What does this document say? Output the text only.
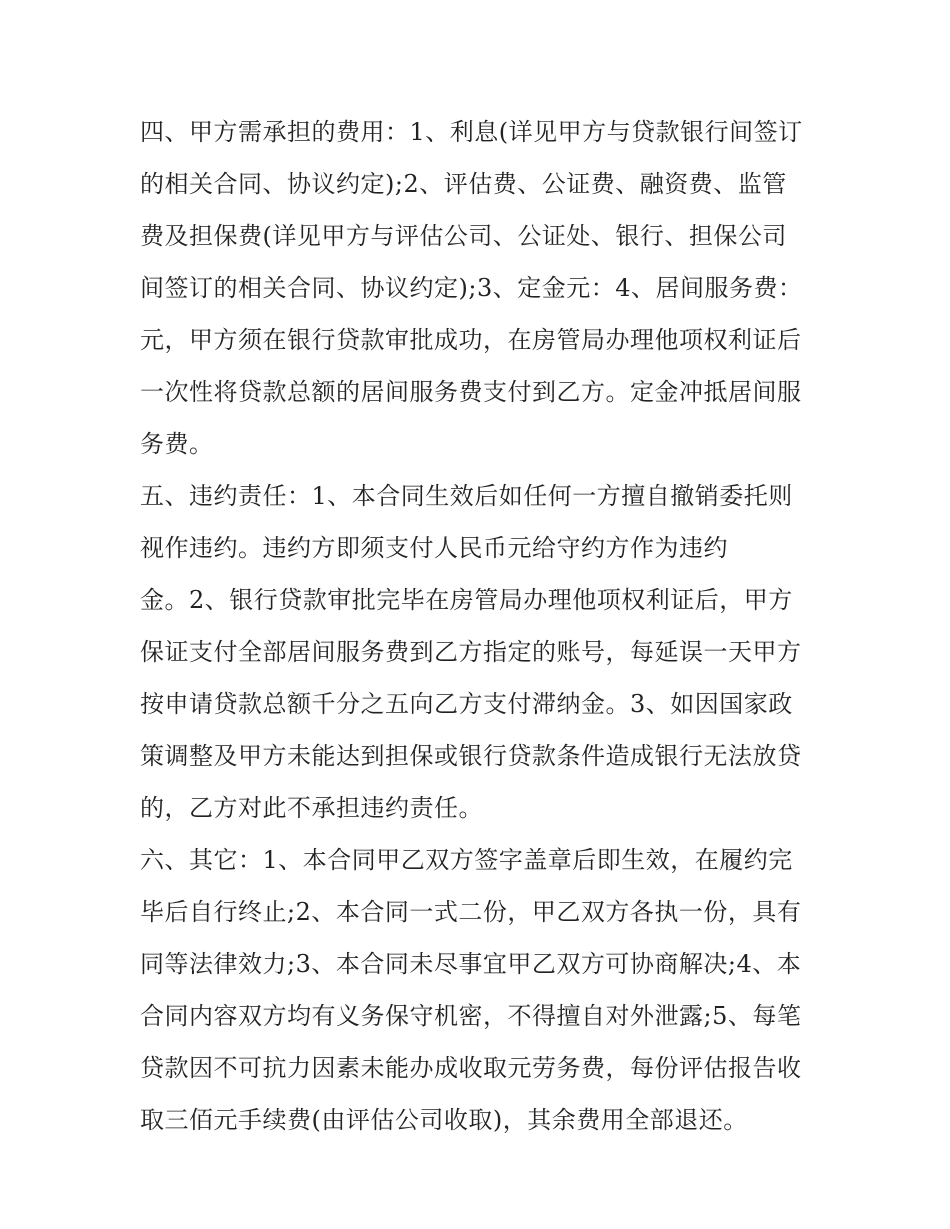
四、甲方需承担的费用：1、利息(详见甲方与贷款银行间签订
的相关合同、协议约定);2、评估费、公证费、融资费、监管
费及担保费(详见甲方与评估公司、公证处、银行、担保公司
间签订的相关合同、协议约定);3、定金元：4、居间服务费：
元，甲方须在银行贷款审批成功，在房管局办理他项权利证后
一次性将贷款总额的居间服务费支付到乙方。定金冲抵居间服
务费。
五、违约责任：1、本合同生效后如任何一方擅自撤销委托则
视作违约。违约方即须支付人民币元给守约方作为违约
金。2、银行贷款审批完毕在房管局办理他项权利证后，甲方
保证支付全部居间服务费到乙方指定的账号，每延误一天甲方
按申请贷款总额千分之五向乙方支付滞纳金。3、如因国家政
策调整及甲方未能达到担保或银行贷款条件造成银行无法放贷
的，乙方对此不承担违约责任。
六、其它：1、本合同甲乙双方签字盖章后即生效，在履约完
毕后自行终止;2、本合同一式二份，甲乙双方各执一份，具有
同等法律效力;3、本合同未尽事宜甲乙双方可协商解决;4、本
合同内容双方均有义务保守机密，不得擅自对外泄露;5、每笔
贷款因不可抗力因素未能办成收取元劳务费，每份评估报告收
取三佰元手续费(由评估公司收取)，其余费用全部退还。
